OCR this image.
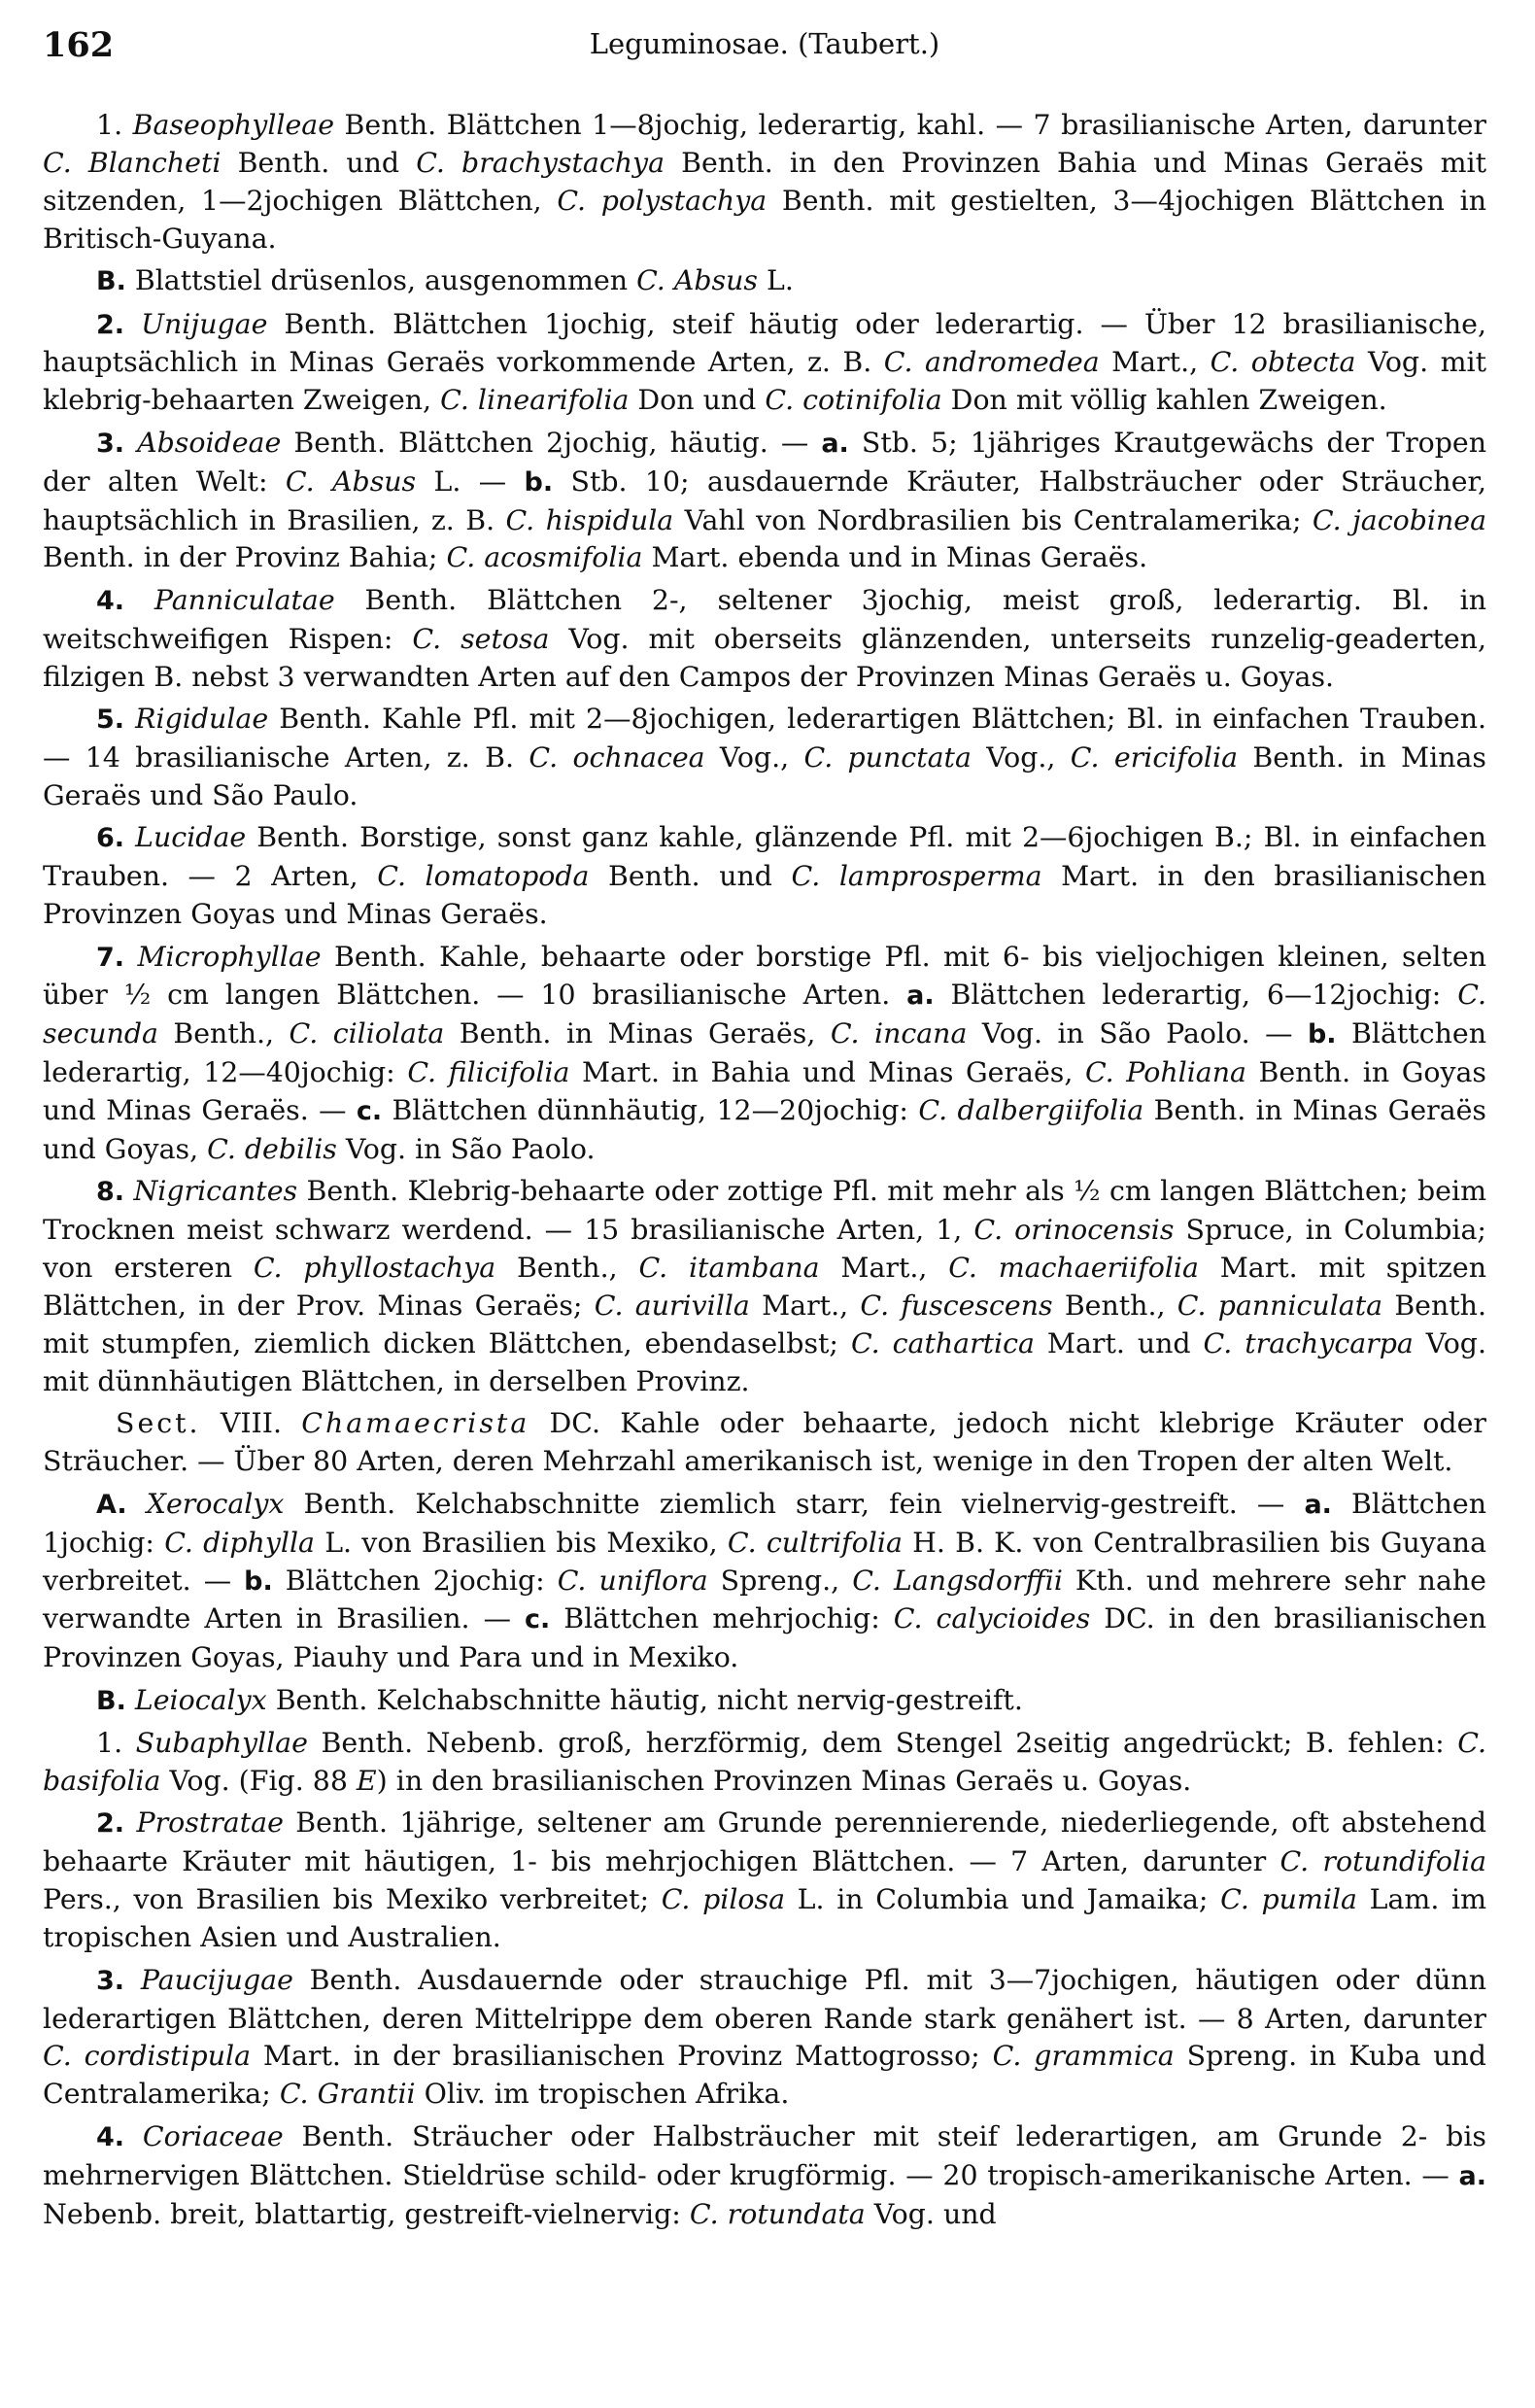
162	Leguminosae. (Taubert.)

1. Baseophylleae Benth. Blättchen 1—8jochig, lederartig, kahl. — 7 brasilianische Arten, darunter C. Blancheti Benth. und C. brachystachya Benth. in den Provinzen Bahia und Minas Geraës mit sitzenden, 1—2jochigen Blättchen, C. polystachya Benth. mit gestielten, 3—4jochigen Blättchen in Britisch-Guyana.

B. Blattstiel drüsenlos, ausgenommen C. Absus L.

2. Unijugae Benth. Blättchen 1jochig, steif häutig oder lederartig. — Über 12 brasilianische, hauptsächlich in Minas Geraës vorkommende Arten, z. B. C. andromedea Mart., C. obtecta Vog. mit klebrig-behaarten Zweigen, C. linearifolia Don und C. cotinifolia Don mit völlig kahlen Zweigen.

3. Absoideae Benth. Blättchen 2jochig, häutig. — a. Stb. 5; 1jähriges Krautgewächs der Tropen der alten Welt: C. Absus L. — b. Stb. 10; ausdauernde Kräuter, Halbsträucher oder Sträucher, hauptsächlich in Brasilien, z. B. C. hispidula Vahl von Nordbrasilien bis Centralamerika; C. jacobinea Benth. in der Provinz Bahia; C. acosmifolia Mart. ebenda und in Minas Geraës.

4. Panniculatae Benth. Blättchen 2-, seltener 3jochig, meist groß, lederartig. Bl. in weitschweifigen Rispen: C. setosa Vog. mit oberseits glänzenden, unterseits runzelig-geaderten, filzigen B. nebst 3 verwandten Arten auf den Campos der Provinzen Minas Geraës u. Goyas.

5. Rigidulae Benth. Kahle Pfl. mit 2—8jochigen, lederartigen Blättchen; Bl. in einfachen Trauben. — 14 brasilianische Arten, z. B. C. ochnacea Vog., C. punctata Vog., C. ericifolia Benth. in Minas Geraës und São Paulo.

6. Lucidae Benth. Borstige, sonst ganz kahle, glänzende Pfl. mit 2—6jochigen B.; Bl. in einfachen Trauben. — 2 Arten, C. lomatopoda Benth. und C. lamprosperma Mart. in den brasilianischen Provinzen Goyas und Minas Geraës.

7. Microphyllae Benth. Kahle, behaarte oder borstige Pfl. mit 6- bis vieljochigen kleinen, selten über ½ cm langen Blättchen. — 10 brasilianische Arten. a. Blättchen lederartig, 6—12jochig: C. secunda Benth., C. ciliolata Benth. in Minas Geraës, C. incana Vog. in São Paolo. — b. Blättchen lederartig, 12—40jochig: C. filicifolia Mart. in Bahia und Minas Geraës, C. Pohliana Benth. in Goyas und Minas Geraës. — c. Blättchen dünnhäutig, 12—20jochig: C. dalbergiifolia Benth. in Minas Geraës und Goyas, C. debilis Vog. in São Paolo.

8. Nigricantes Benth. Klebrig-behaarte oder zottige Pfl. mit mehr als ½ cm langen Blättchen; beim Trocknen meist schwarz werdend. — 15 brasilianische Arten, 1, C. orinocensis Spruce, in Columbia; von ersteren C. phyllostachya Benth., C. itambana Mart., C. machaeriifolia Mart. mit spitzen Blättchen, in der Prov. Minas Geraës; C. aurivilla Mart., C. fuscescens Benth., C. panniculata Benth. mit stumpfen, ziemlich dicken Blättchen, ebendaselbst; C. cathartica Mart. und C. trachycarpa Vog. mit dünnhäutigen Blättchen, in derselben Provinz.

Sect. VIII. Chamaecrista DC. Kahle oder behaarte, jedoch nicht klebrige Kräuter oder Sträucher. — Über 80 Arten, deren Mehrzahl amerikanisch ist, wenige in den Tropen der alten Welt.

A. Xerocalyx Benth. Kelchabschnitte ziemlich starr, fein vielnervig-gestreift. — a. Blättchen 1jochig: C. diphylla L. von Brasilien bis Mexiko, C. cultrifolia H. B. K. von Centralbrasilien bis Guyana verbreitet. — b. Blättchen 2jochig: C. uniflora Spreng., C. Langsdorffii Kth. und mehrere sehr nahe verwandte Arten in Brasilien. — c. Blättchen mehrjochig: C. calycioides DC. in den brasilianischen Provinzen Goyas, Piauhy und Para und in Mexiko.

B. Leiocalyx Benth. Kelchabschnitte häutig, nicht nervig-gestreift.

1. Subaphyllae Benth. Nebenb. groß, herzförmig, dem Stengel 2seitig angedrückt; B. fehlen: C. basifolia Vog. (Fig. 88 E) in den brasilianischen Provinzen Minas Geraës u. Goyas.

2. Prostratae Benth. 1jährige, seltener am Grunde perennierende, niederliegende, oft abstehend behaarte Kräuter mit häutigen, 1- bis mehrjochigen Blättchen. — 7 Arten, darunter C. rotundifolia Pers., von Brasilien bis Mexiko verbreitet; C. pilosa L. in Columbia und Jamaika; C. pumila Lam. im tropischen Asien und Australien.

3. Paucijugae Benth. Ausdauernde oder strauchige Pfl. mit 3—7jochigen, häutigen oder dünn lederartigen Blättchen, deren Mittelrippe dem oberen Rande stark genähert ist. — 8 Arten, darunter C. cordistipula Mart. in der brasilianischen Provinz Mattogrosso; C. grammica Spreng. in Kuba und Centralamerika; C. Grantii Oliv. im tropischen Afrika.

4. Coriaceae Benth. Sträucher oder Halbsträucher mit steif lederartigen, am Grunde 2- bis mehrnervigen Blättchen. Stieldrüse schild- oder krugförmig. — 20 tropisch-amerikanische Arten. — a. Nebenb. breit, blattartig, gestreift-vielnervig: C. rotundata Vog. und
